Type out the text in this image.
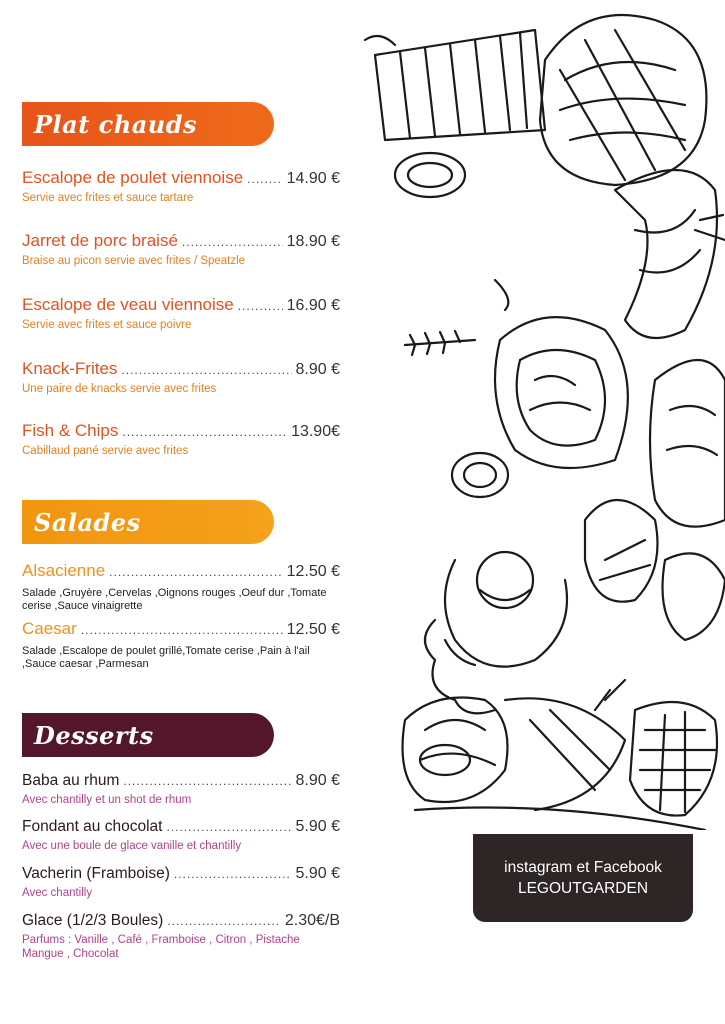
Plat chauds
Salades
Desserts
Escalope de poulet viennoise .....	14.90 €
Servie avec frites et sauce tartare
Jarret de porc braisé .....	18.90 €
Braise au picon servie avec frites / Speatzle
Escalope de veau viennoise .....	16.90 €
Servie avec frites et sauce poivre
Knack-Frites .....	8.90 €
Une paire de knacks servie avec frites
Fish & Chips .....	13.90€
Cabillaud pané servie avec frites
Alsacienne .....	12.50 €
Salade ,Gruyère ,Cervelas ,Oignons rouges ,Oeuf dur ,Tomate cerise ,Sauce vinaigrette
Caesar .....	12.50 €
Salade ,Escalope de poulet grillé,Tomate cerise ,Pain à l'ail ,Sauce caesar ,Parmesan
Baba au rhum .....	8.90 €
Avec chantilly et un shot de rhum
Fondant au chocolat .....	5.90 €
Avec une boule de glace vanille et chantilly
Vacherin (Framboise) .....	5.90 €
Avec chantilly
Glace (1/2/3 Boules) .....	2.30€/B
Parfums : Vanille , Café , Framboise , Citron , Pistache Mangue , Chocolat
instagram et Facebook
LEGOUTGARDEN
